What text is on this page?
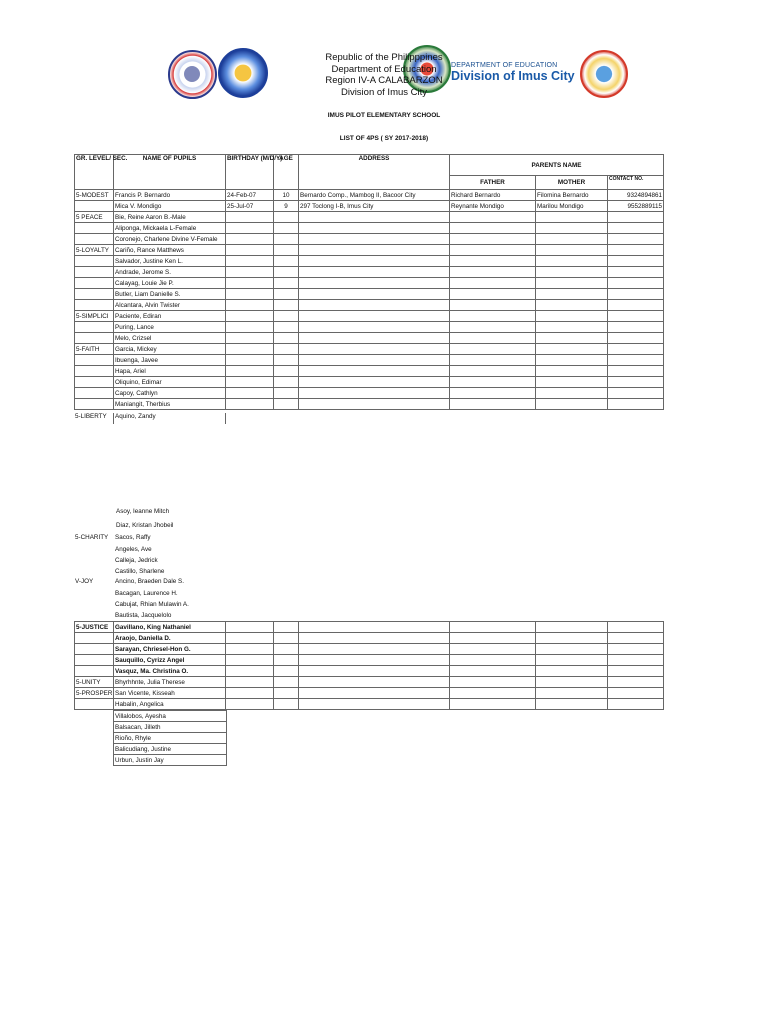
DEPARTMENT OF EDUCATION
Division of Imus City
Republic of the Philipppines
Department of Education
Region IV-A CALABARZON
Division of Imus City
IMUS PILOT ELEMENTARY SCHOOL
LIST OF 4PS ( SY 2017-2018)
GR. LEVEL/ SEC.	NAME OF PUPILS	BIRTHDAY (M/D/Y)	AGE	ADDRESS	PARENTS NAME		
					FATHER	MOTHER	CONTACT NO.
5-MODEST	Francis P. Bernardo	24-Feb-07	10	Bernardo Comp., Mambog II, Bacoor City	Richard Bernardo	Filomina Bernardo	9324894861
	Mica V. Mondigo	25-Jul-07	9	297 Toclong I-B, Imus City	Reynante Mondigo	Marilou Mondigo	9552889115
5 PEACE	Bie, Reine Aaron B.-Male						
	Aliponga, Mickaela L-Female						
	Coronejo, Charlene Divine V-Female						
5-LOYALTY	Cariño, Rance Matthews						
	Salvador, Justine Ken L.						
	Andrade, Jerome S.						
	Calayag, Louie Jie P.						
	Butler, Liam Danielle S.						
	Alcantara, Alvin Twister						
5-SIMPLICI	Paciente, Ediran						
	Puring, Lance						
	Melo, Crizsel						
5-FAITH	Garcia, Mickey						
	Ibuenga, Javee						
	Hapa, Ariel						
	Oliquino, Edimar						
	Capoy, Cathlyn						
	Maniangit, Therbius						
5-LIBERTY Aquino, Zandy
Asoy, Ieanne Mitch
Diaz, Kristan Jhobeil
5-CHARITY Sacos, Raffy
Angeles, Ave
Calleja, Jedrick
Castillo, Sharlene
V-JOY	Ancino, Braeden Dale S.
Bacagan, Laurence H.
Cabujat, Rhian Mulawin A.
Bautista, Jacquelolo
5-JUSTICE	Gavillano, King Nathaniel						
	Araojo, Daniella D.						
	Sarayan, Chriesel-Hon G.						
	Sauquillo, Cyrizz Angel						
	Vasquz, Ma. Christina O.						
5-UNITY	Bhyrhhnte, Julia Therese						
5-PROSPER	San Vicente, Kisseah						
	Habalin, Angelica						
Villalobos, Ayesha
Balsacan, Jilleth
Rioño, Rhyle
Balicudiang, Justine
Urbun, Justin Jay
